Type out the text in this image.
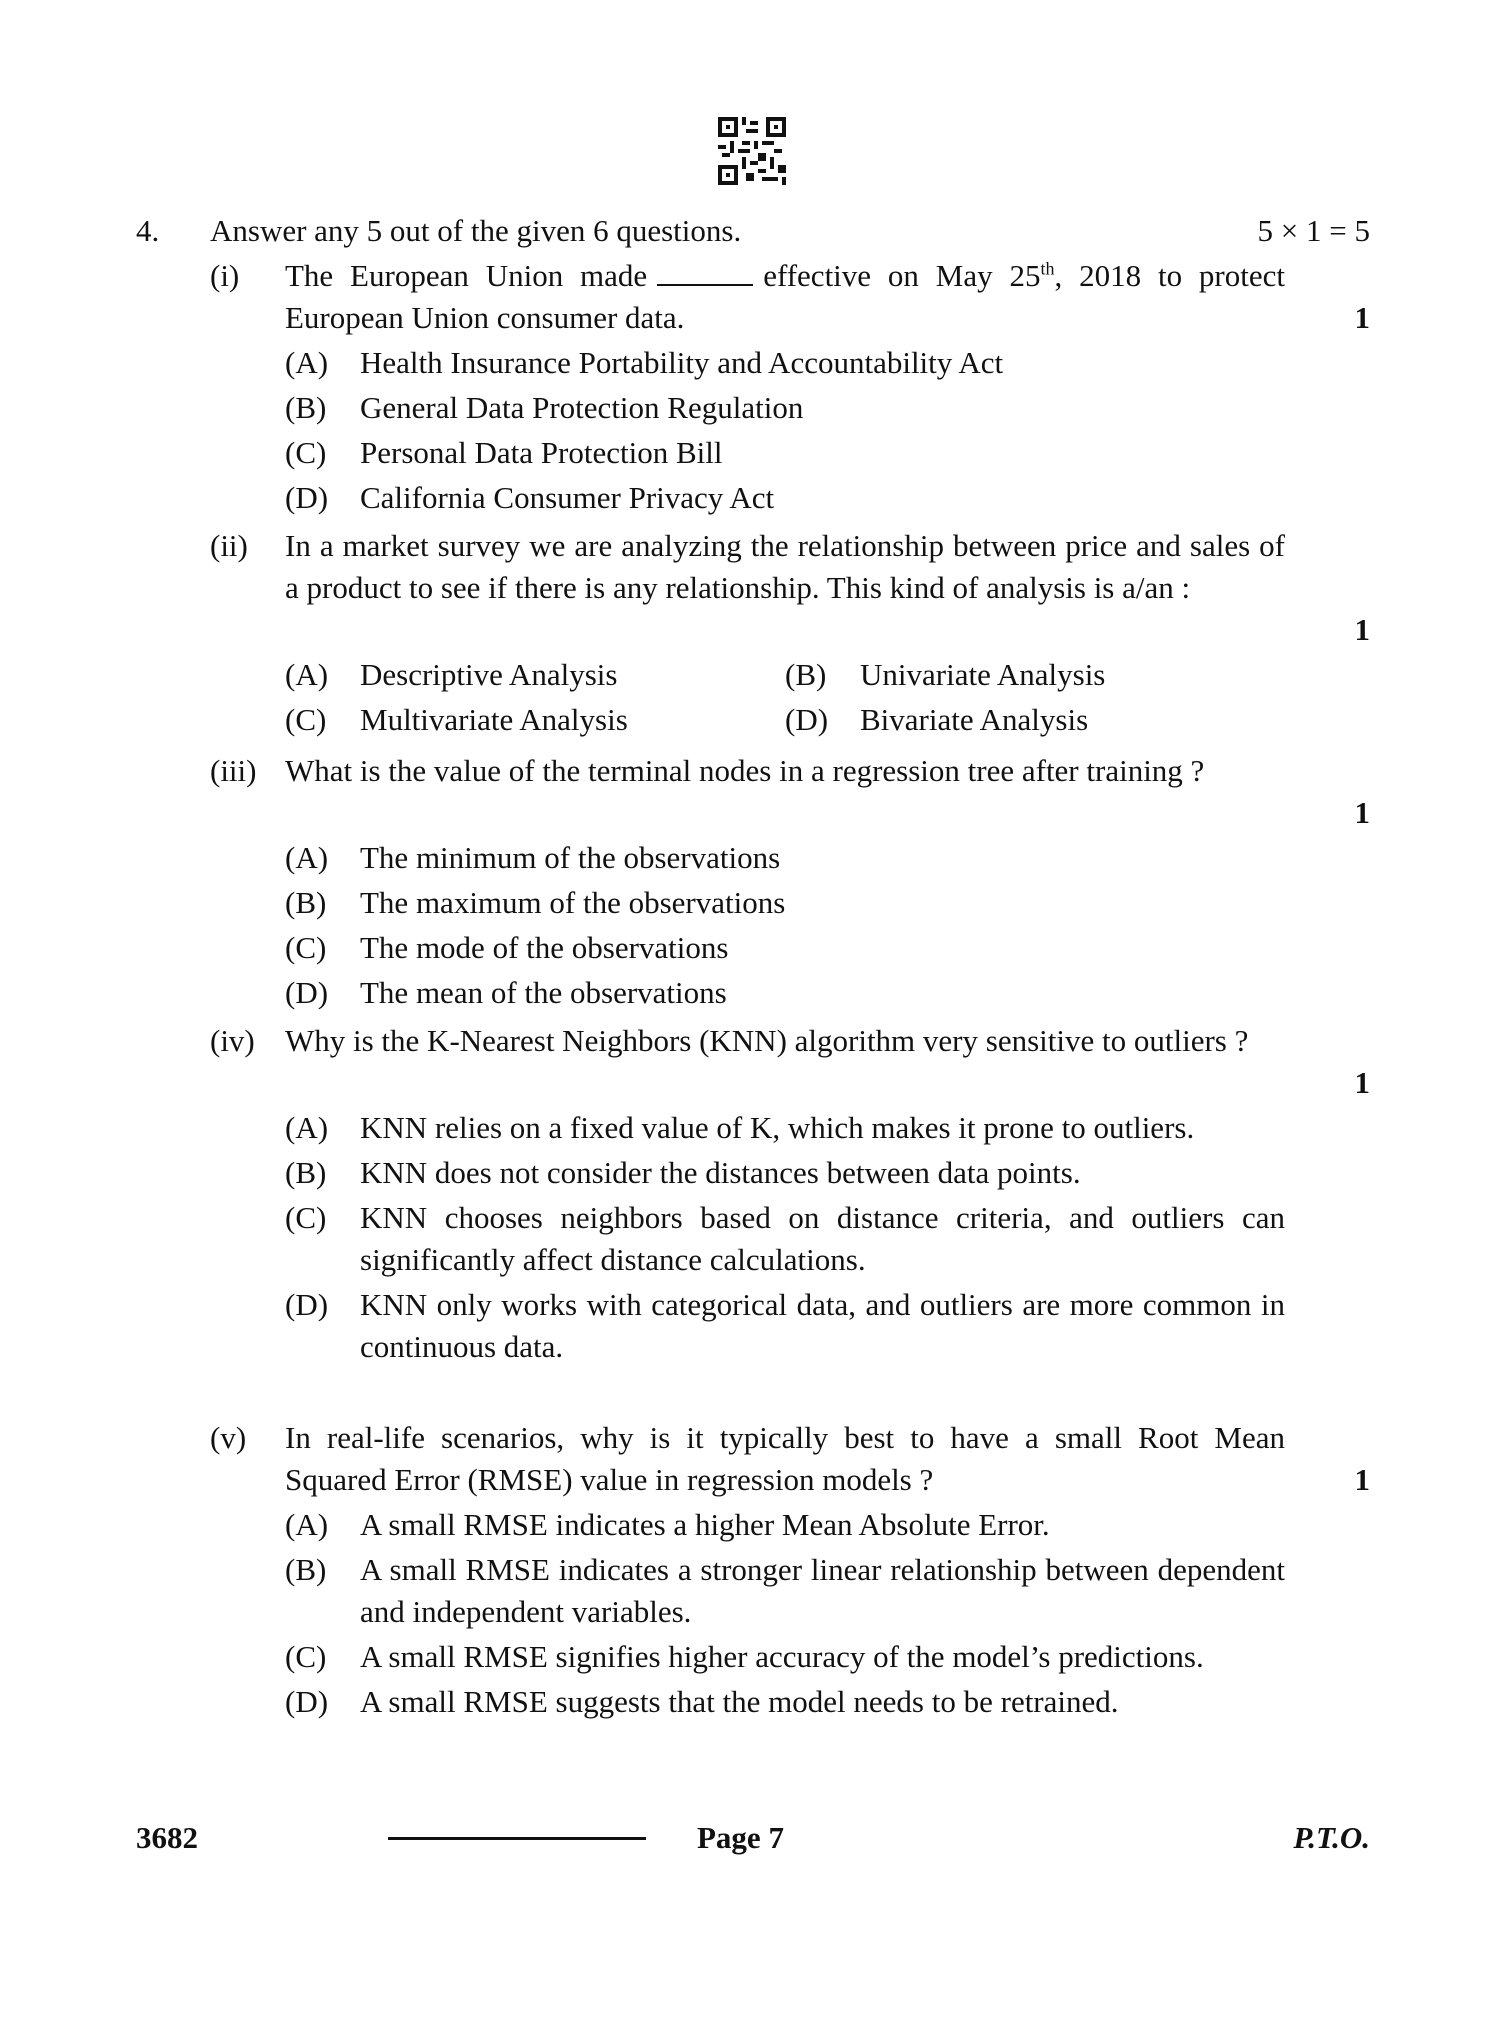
4. Answer any 5 out of the given 6 questions.	5 × 1 = 5
(i) The European Union made	effective on May 25th, 2018 to protect European Union consumer data.	1
(A) Health Insurance Portability and Accountability Act
(B) General Data Protection Regulation
(C) Personal Data Protection Bill
(D) California Consumer Privacy Act
(ii) In a market survey we are analyzing the relationship between price and sales of a product to see if there is any relationship. This kind of analysis is a/an :

1
(A) Descriptive Analysis	(B) Univariate Analysis
(C) Multivariate Analysis	(D) Bivariate Analysis
(iii) What is the value of the terminal nodes in a regression tree after training ?

1
(A) The minimum of the observations
(B) The maximum of the observations
(C) The mode of the observations
(D) The mean of the observations
(iv) Why is the K-Nearest Neighbors (KNN) algorithm very sensitive to outliers ?

1
(A) KNN relies on a fixed value of K, which makes it prone to outliers.
(B) KNN does not consider the distances between data points.
(C) KNN chooses neighbors based on distance criteria, and outliers can significantly affect distance calculations.
(D) KNN only works with categorical data, and outliers are more common in continuous data.
(v) In real-life scenarios, why is it typically best to have a small Root Mean Squared Error (RMSE) value in regression models ?	1
(A) A small RMSE indicates a higher Mean Absolute Error.
(B) A small RMSE indicates a stronger linear relationship between dependent and independent variables.
(C) A small RMSE signifies higher accuracy of the model’s predictions.
(D) A small RMSE suggests that the model needs to be retrained.
3682	Page 7	P.T.O.
